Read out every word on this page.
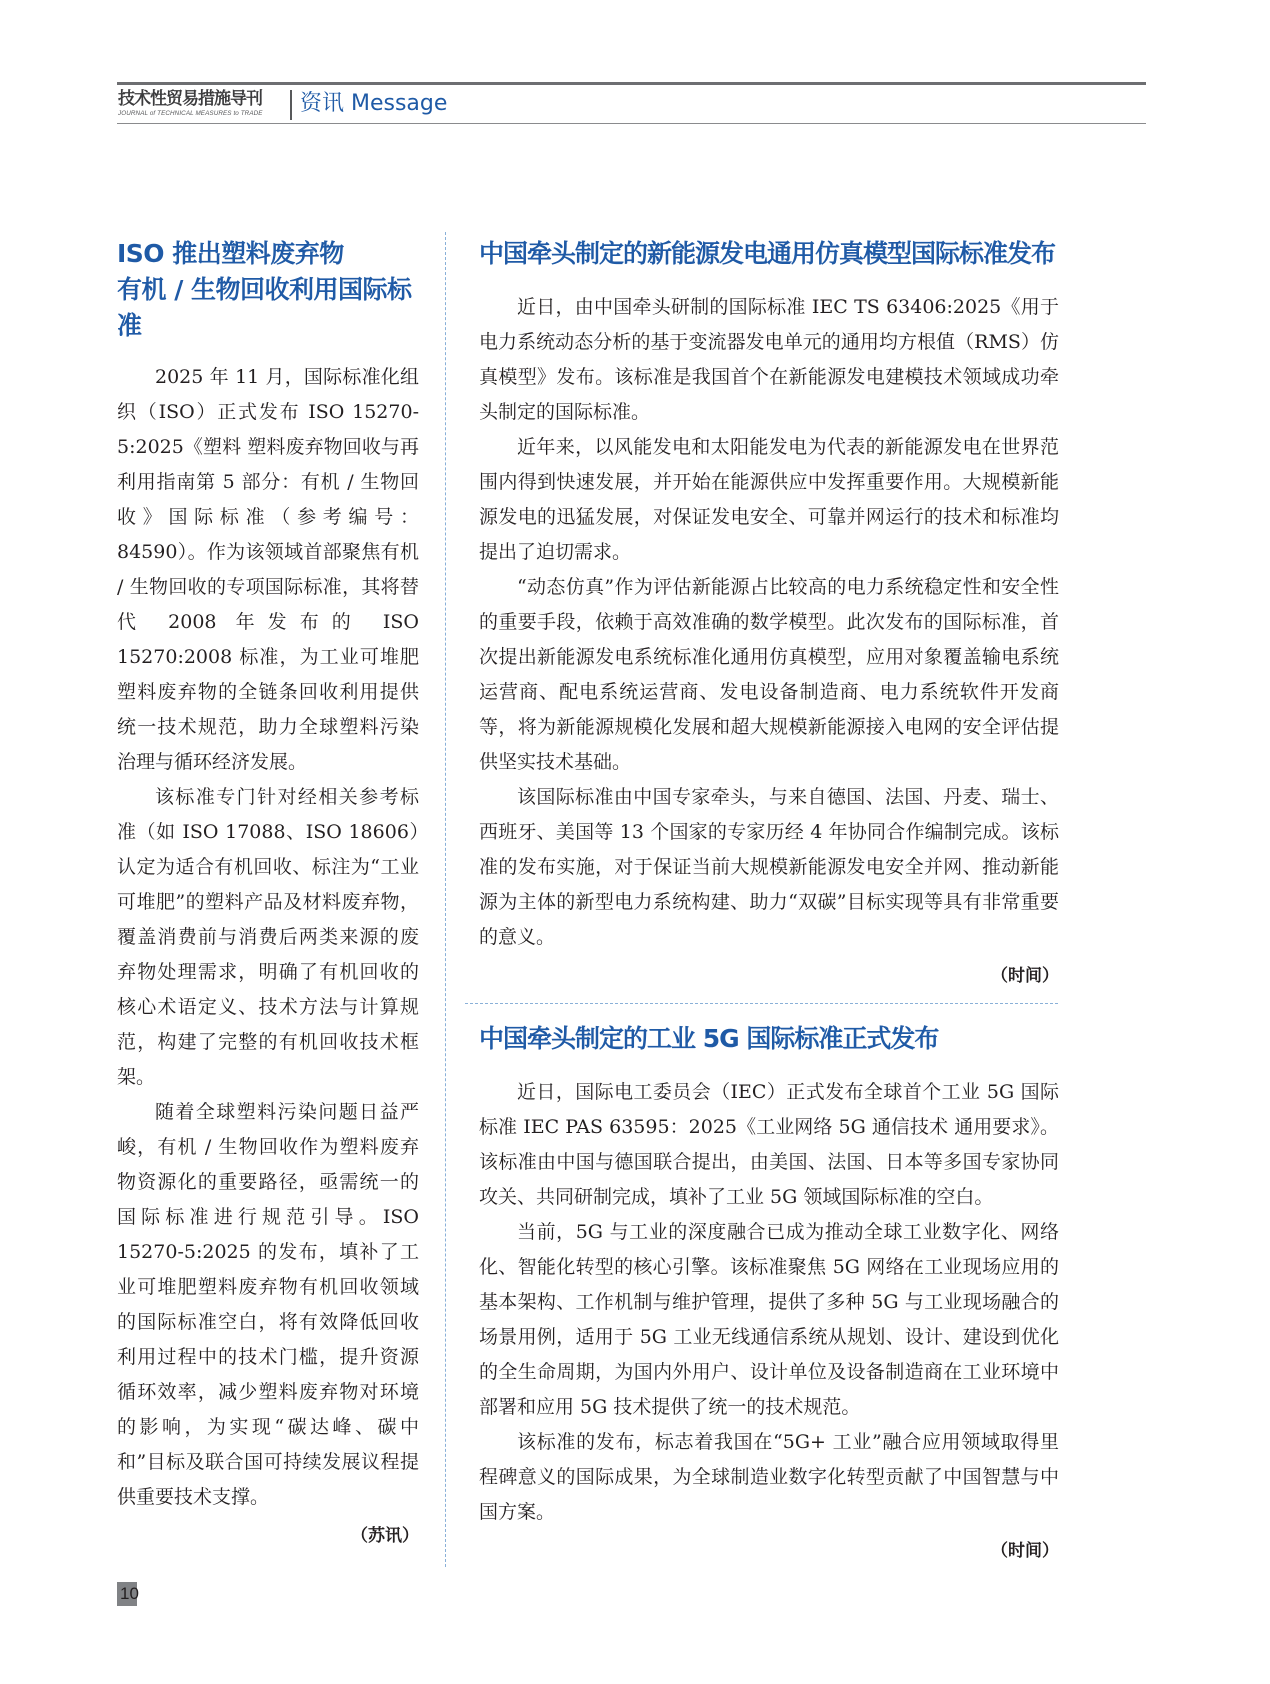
技术性贸易措施导刊
JOURNAL of TECHNICAL MEASURES to TRADE	资讯 Message
ISO 推出塑料废弃物
有机 / 生物回收利用国际标准

2025 年 11 月，国际标准化组织（ISO）正式发布 ISO 15270-5:2025《塑料 塑料废弃物回收与再利用指南第 5 部分：有机 / 生物回收》国际标准（参考编号：84590）。作为该领域首部聚焦有机 / 生物回收的专项国际标准，其将替代 2008 年发布的 ISO 15270:2008 标准，为工业可堆肥塑料废弃物的全链条回收利用提供统一技术规范，助力全球塑料污染治理与循环经济发展。

该标准专门针对经相关参考标准（如 ISO 17088、ISO 18606）认定为适合有机回收、标注为“工业可堆肥”的塑料产品及材料废弃物，覆盖消费前与消费后两类来源的废弃物处理需求，明确了有机回收的核心术语定义、技术方法与计算规范，构建了完整的有机回收技术框架。

随着全球塑料污染问题日益严峻，有机 / 生物回收作为塑料废弃物资源化的重要路径，亟需统一的国际标准进行规范引导。ISO 15270-5:2025 的发布，填补了工业可堆肥塑料废弃物有机回收领域的国际标准空白，将有效降低回收利用过程中的技术门槛，提升资源循环效率，减少塑料废弃物对环境的影响，为实现“碳达峰、碳中和”目标及联合国可持续发展议程提供重要技术支撑。

（苏讯）

中国牵头制定的新能源发电通用仿真模型国际标准发布

近日，由中国牵头研制的国际标准 IEC TS 63406:2025《用于电力系统动态分析的基于变流器发电单元的通用均方根值（RMS）仿真模型》发布。该标准是我国首个在新能源发电建模技术领域成功牵头制定的国际标准。

近年来，以风能发电和太阳能发电为代表的新能源发电在世界范围内得到快速发展，并开始在能源供应中发挥重要作用。大规模新能源发电的迅猛发展，对保证发电安全、可靠并网运行的技术和标准均提出了迫切需求。

“动态仿真”作为评估新能源占比较高的电力系统稳定性和安全性的重要手段，依赖于高效准确的数学模型。此次发布的国际标准，首次提出新能源发电系统标准化通用仿真模型，应用对象覆盖输电系统运营商、配电系统运营商、发电设备制造商、电力系统软件开发商等，将为新能源规模化发展和超大规模新能源接入电网的安全评估提供坚实技术基础。

该国际标准由中国专家牵头，与来自德国、法国、丹麦、瑞士、西班牙、美国等 13 个国家的专家历经 4 年协同合作编制完成。该标准的发布实施，对于保证当前大规模新能源发电安全并网、推动新能源为主体的新型电力系统构建、助力“双碳”目标实现等具有非常重要的意义。

（时间）

中国牵头制定的工业 5G 国际标准正式发布

近日，国际电工委员会（IEC）正式发布全球首个工业 5G 国际标准 IEC PAS 63595：2025《工业网络 5G 通信技术 通用要求》。该标准由中国与德国联合提出，由美国、法国、日本等多国专家协同攻关、共同研制完成，填补了工业 5G 领域国际标准的空白。

当前，5G 与工业的深度融合已成为推动全球工业数字化、网络化、智能化转型的核心引擎。该标准聚焦 5G 网络在工业现场应用的基本架构、工作机制与维护管理，提供了多种 5G 与工业现场融合的场景用例，适用于 5G 工业无线通信系统从规划、设计、建设到优化的全生命周期，为国内外用户、设计单位及设备制造商在工业环境中部署和应用 5G 技术提供了统一的技术规范。

该标准的发布，标志着我国在“5G+ 工业”融合应用领域取得里程碑意义的国际成果，为全球制造业数字化转型贡献了中国智慧与中国方案。

（时间）

10
